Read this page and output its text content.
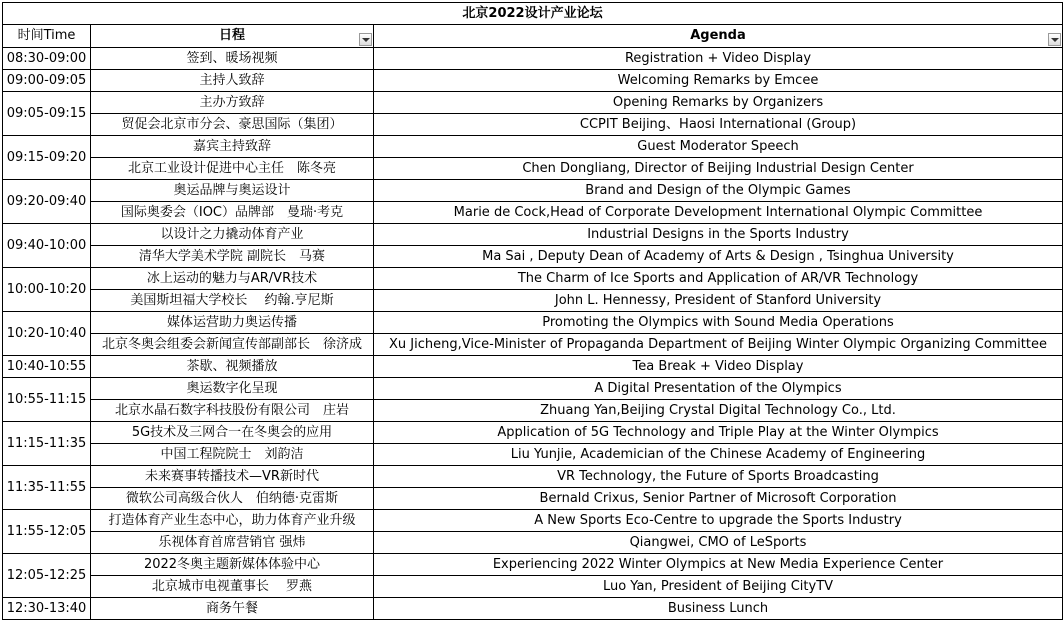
北京2022设计产业论坛		
时间Time	日程	Agenda

08:30-09:00	签到、暖场视频	Registration + Video Display
09:00-09:05	主持人致辞	Welcoming Remarks by Emcee
09:05-09:15	主办方致辞	Opening Remarks by Organizers
	贸促会北京市分会、豪思国际（集团）	CCPIT Beijing、Haosi International (Group)
09:15-09:20	嘉宾主持致辞	Guest Moderator Speech
	北京工业设计促进中心主任　陈冬亮	Chen Dongliang, Director of Beijing Industrial Design Center
09:20-09:40	奥运品牌与奥运设计	Brand and Design of the Olympic Games
	国际奥委会（IOC）品牌部　曼瑞·考克	Marie de Cock,Head of Corporate Development International Olympic Committee
09:40-10:00	以设计之力撬动体育产业	Industrial Designs in the Sports Industry
	清华大学美术学院 副院长　马赛	Ma Sai , Deputy Dean of Academy of Arts & Design , Tsinghua University
10:00-10:20	冰上运动的魅力与AR/VR技术	The Charm of Ice Sports and Application of AR/VR Technology
	美国斯坦福大学校长　 约翰.亨尼斯	John L. Hennessy, President of Stanford University
10:20-10:40	媒体运营助力奥运传播	Promoting the Olympics with Sound Media Operations
	北京冬奥会组委会新闻宣传部副部长　徐济成	Xu Jicheng,Vice-Minister of Propaganda Department of Beijing Winter Olympic Organizing Committee
10:40-10:55	茶歇、视频播放	Tea Break + Video Display
10:55-11:15	奥运数字化呈现	A Digital Presentation of the Olympics
	北京水晶石数字科技股份有限公司　庄岩	Zhuang Yan,Beijing Crystal Digital Technology Co., Ltd.
11:15-11:35	5G技术及三网合一在冬奥会的应用	Application of 5G Technology and Triple Play at the Winter Olympics
	中国工程院院士　刘韵洁	Liu Yunjie, Academician of the Chinese Academy of Engineering
11:35-11:55	未来赛事转播技术—VR新时代	VR Technology, the Future of Sports Broadcasting
	微软公司高级合伙人　伯纳德·克雷斯	Bernald Crixus, Senior Partner of Microsoft Corporation
11:55-12:05	打造体育产业生态中心，助力体育产业升级	A New Sports Eco-Centre to upgrade the Sports Industry
	乐视体育首席营销官 强炜	Qiangwei, CMO of LeSports
12:05-12:25	2022冬奥主题新媒体体验中心	Experiencing 2022 Winter Olympics at New Media Experience Center
	北京城市电视董事长　 罗燕	Luo Yan, President of Beijing CityTV
12:30-13:40	商务午餐	Business Lunch
